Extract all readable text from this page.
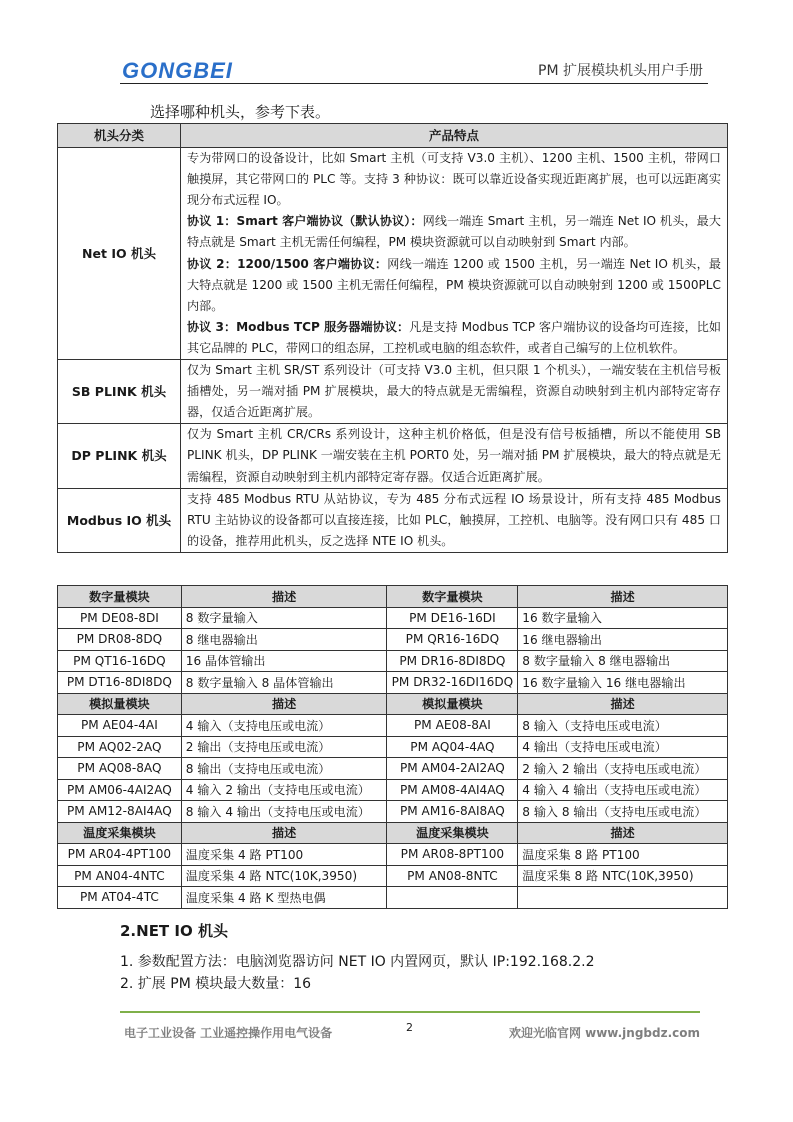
GONGBEI	PM 扩展模块机头用户手册
选择哪种机头，参考下表。
机头分类	产品特点
Net IO 机头	专为带网口的设备设计，比如 Smart 主机（可支持 V3.0 主机）、1200 主机、1500 主机，带网口触摸屏，其它带网口的 PLC 等。支持 3 种协议：既可以靠近设备实现近距离扩展，也可以远距离实现分布式远程 IO。

协议 1：Smart 客户端协议（默认协议）：网线一端连 Smart 主机，另一端连 Net IO 机头，最大特点就是 Smart 主机无需任何编程，PM 模块资源就可以自动映射到 Smart 内部。

协议 2：1200/1500 客户端协议：网线一端连 1200 或 1500 主机，另一端连 Net IO 机头，最大特点就是 1200 或 1500 主机无需任何编程，PM 模块资源就可以自动映射到 1200 或 1500PLC 内部。

协议 3：Modbus TCP 服务器端协议：凡是支持 Modbus TCP 客户端协议的设备均可连接，比如其它品牌的 PLC，带网口的组态屏，工控机或电脑的组态软件，或者自己编写的上位机软件。

SB PLINK 机头	仅为 Smart 主机 SR/ST 系列设计（可支持 V3.0 主机，但只限 1 个机头），一端安装在主机信号板插槽处，另一端对插 PM 扩展模块，最大的特点就是无需编程，资源自动映射到主机内部特定寄存器，仅适合近距离扩展。

DP PLINK 机头	仅为 Smart 主机 CR/CRs 系列设计，这种主机价格低，但是没有信号板插槽，所以不能使用 SB PLINK 机头，DP PLINK 一端安装在主机 PORT0 处，另一端对插 PM 扩展模块，最大的特点就是无需编程，资源自动映射到主机内部特定寄存器。仅适合近距离扩展。

Modbus IO 机头	支持 485 Modbus RTU 从站协议，专为 485 分布式远程 IO 场景设计，所有支持 485 Modbus RTU 主站协议的设备都可以直接连接，比如 PLC，触摸屏，工控机、电脑等。没有网口只有 485 口的设备，推荐用此机头，反之选择 NTE IO 机头。

数字量模块	描述	数字量模块	描述
PM DE08-8DI	8 数字量输入	PM DE16-16DI	16 数字量输入
PM DR08-8DQ	8 继电器输出	PM QR16-16DQ	16 继电器输出
PM QT16-16DQ	16 晶体管输出	PM DR16-8DI8DQ	8 数字量输入 8 继电器输出
PM DT16-8DI8DQ	8 数字量输入 8 晶体管输出	PM DR32-16DI16DQ	16 数字量输入 16 继电器输出
模拟量模块	描述	模拟量模块	描述
PM AE04-4AI	4 输入（支持电压或电流）	PM AE08-8AI	8 输入（支持电压或电流）
PM AQ02-2AQ	2 输出（支持电压或电流）	PM AQ04-4AQ	4 输出（支持电压或电流）
PM AQ08-8AQ	8 输出（支持电压或电流）	PM AM04-2AI2AQ	2 输入 2 输出（支持电压或电流）
PM AM06-4AI2AQ	4 输入 2 输出（支持电压或电流）	PM AM08-4AI4AQ	4 输入 4 输出（支持电压或电流）
PM AM12-8AI4AQ	8 输入 4 输出（支持电压或电流）	PM AM16-8AI8AQ	8 输入 8 输出（支持电压或电流）
温度采集模块	描述	温度采集模块	描述
PM AR04-4PT100	温度采集 4 路 PT100	PM AR08-8PT100	温度采集 8 路 PT100
PM AN04-4NTC	温度采集 4 路 NTC(10K,3950)	PM AN08-8NTC	温度采集 8 路 NTC(10K,3950)
PM AT04-4TC	温度采集 4 路 K 型热电偶		
2.NET IO 机头
1. 参数配置方法：电脑浏览器访问 NET IO 内置网页，默认 IP:192.168.2.2
2. 扩展 PM 模块最大数量：16
电子工业设备 工业遥控操作用电气设备	2	欢迎光临官网 www.jngbdz.com
